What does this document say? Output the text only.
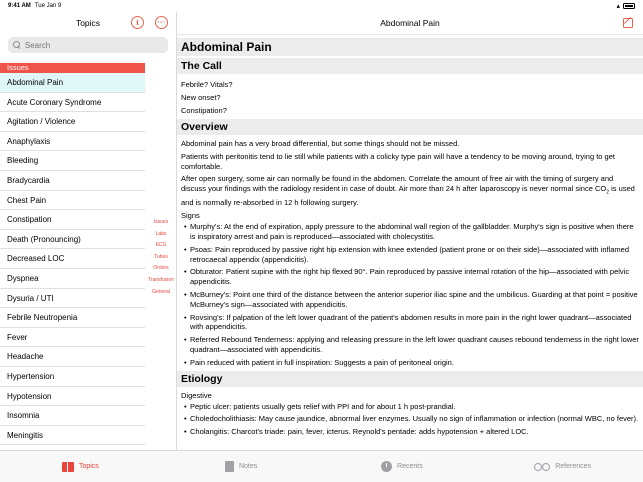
9:41 AM Tue Jan 9	▴
Topics	i	···
Search
Issues
Abdominal Pain
Acute Coronary Syndrome
Agitation / Violence
Anaphylaxis
Bleeding
Bradycardia
Chest Pain
Constipation
Death (Pronouncing)
Decreased LOC
Dyspnea
Dysuria / UTI
Febrile Neutropenia
Fever
Headache
Hypertension
Hypotension
Insomnia
Meningitis
Issues
Labs
ECG
Tubes
Orders
Transfusion
General
Abdominal Pain
Abdominal Pain
The Call

Febrile? Vitals?

New onset?

Constipation?

Overview

Abdominal pain has a very broad differential, but some things should not be missed.

Patients with peritonitis tend to lie still while patients with a colicky type pain will have a tendency to be moving around, trying to get comfortable.

After open surgery, some air can normally be found in the abdomen. Correlate the amount of free air with the timing of surgery and discuss your findings with the radiology resident in case of doubt. Air more than 24 h after laparoscopy is never normal since $CO_2$ is used and is normally re-absorbed in 12 h following surgery.

Signs
• Murphy's: At the end of expiration, apply pressure to the abdominal wall region of the gallbladder. Murphy's sign is positive when there is inspiratory arrest and pain is reproduced—associated with cholecystitis.
• Psoas: Pain reproduced by passive right hip extension with knee extended (patient prone or on their side)—associated with inflamed retrocaecal appendix (appendicitis).
• Obturator: Patient supine with the right hip flexed 90°. Pain reproduced by passive internal rotation of the hip—associated with pelvic appendicitis.
• McBurney's: Point one third of the distance between the anterior superior iliac spine and the umbilicus. Guarding at that point = positive McBurney's sign—associated with appendicitis.
• Rovsing's: If palpation of the left lower quadrant of the patient's abdomen results in more pain in the right lower quadrant—associated with appendicitis.
• Referred Rebound Tenderness: applying and releasing pressure in the left lower quadrant causes rebound tenderness in the right lower quadrant—associated with appendicitis.
• Pain reduced with patient in full inspiration: Suggests a pain of peritoneal origin.
Etiology
Digestive
• Peptic ulcer: patients usually gets relief with PPI and for about 1 h post-prandial.
• Choledocholithiasis: May cause jaundice, abnormal liver enzymes. Usually no sign of inflammation or infection (normal WBC, no fever).
• Cholangitis: Charcot's triade: pain, fever, icterus. Reynold's pentade: adds hypotension + altered LOC.
Topics	Notes	Recents	References
